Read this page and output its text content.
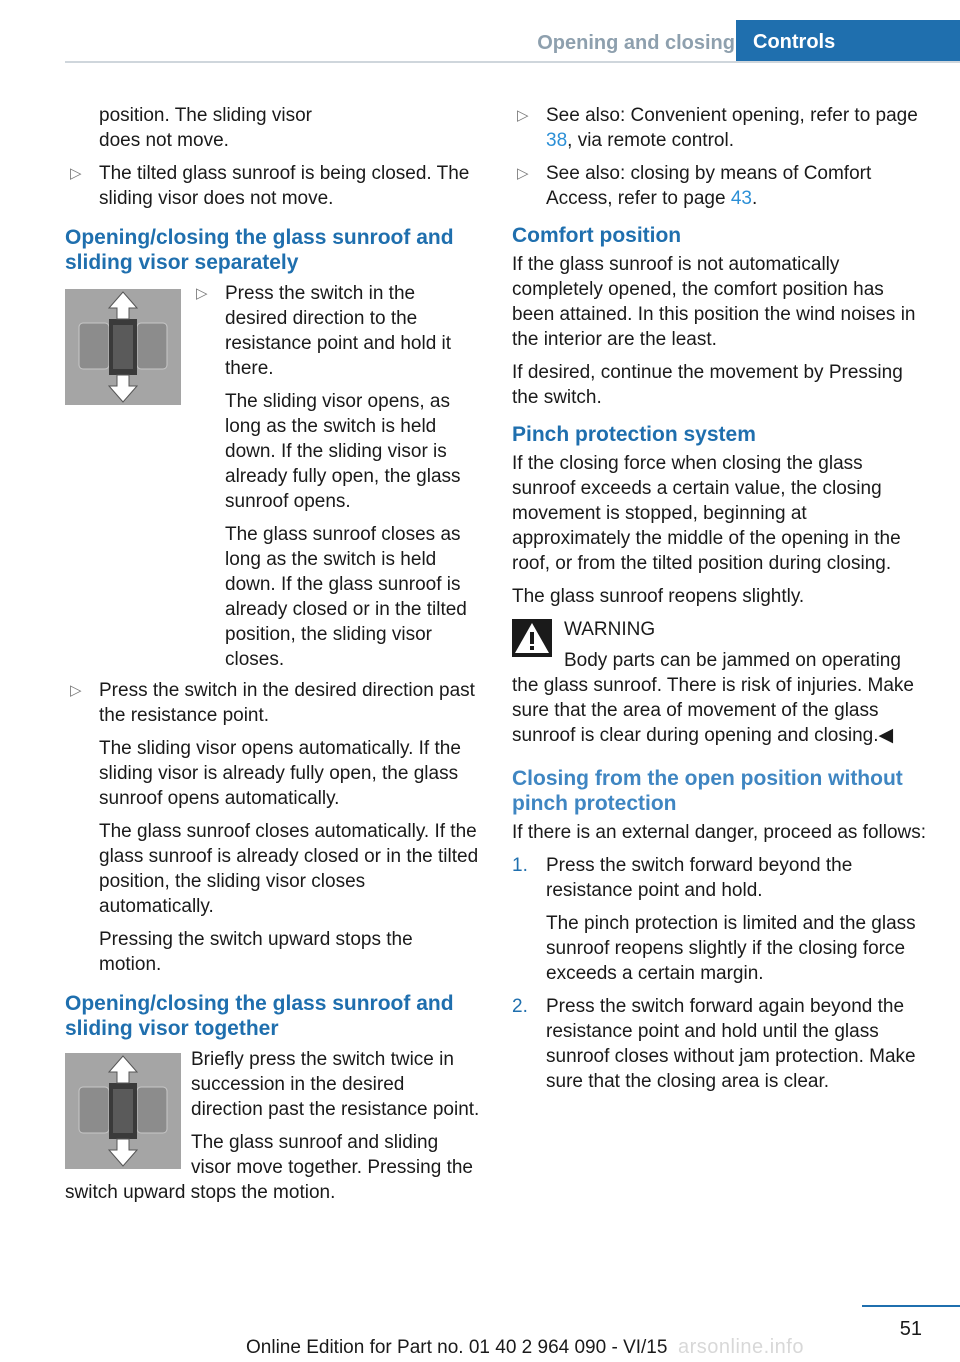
Opening and closing Controls

position. The sliding visor

does not move.

▷ The tilted glass sunroof is being closed. The sliding visor does not move.

Opening/closing the glass sunroof and sliding visor separately
▷ Press the switch in the desired direction to the resistance point and hold it there.

The sliding visor opens, as long as the switch is held down. If the sliding visor is already fully open, the glass sunroof opens.

The glass sunroof closes as long as the switch is held down. If the glass sunroof is already closed or in the tilted position, the sliding visor closes.

▷ Press the switch in the desired direction past the resistance point.

The sliding visor opens automatically. If the sliding visor is already fully open, the glass sunroof opens automatically.

The glass sunroof closes automatically. If the glass sunroof is already closed or in the tilted position, the sliding visor closes automatically.

Pressing the switch upward stops the motion.

Opening/closing the glass sunroof and sliding visor together

Briefly press the switch twice in succession in the desired direction past the resistance point.

The glass sunroof and sliding visor move together. Pressing the switch upward stops the motion.

▷ See also: Convenient opening, refer to page 38, via remote control.

▷ See also: closing by means of Comfort Access, refer to page 43.

Comfort position

If the glass sunroof is not automatically completely opened, the comfort position has been attained. In this position the wind noises in the interior are the least.

If desired, continue the movement by Pressing the switch.

Pinch protection system

If the closing force when closing the glass sunroof exceeds a certain value, the closing movement is stopped, beginning at approximately the middle of the opening in the roof, or from the tilted position during closing.

The glass sunroof reopens slightly.

WARNING

Body parts can be jammed on operating the glass sunroof. There is risk of injuries. Make sure that the area of movement of the glass sunroof is clear during opening and closing.◀

Closing from the open position without pinch protection

If there is an external danger, proceed as follows:

1. Press the switch forward beyond the resistance point and hold.

The pinch protection is limited and the glass sunroof reopens slightly if the closing force exceeds a certain margin.

2. Press the switch forward again beyond the resistance point and hold until the glass sunroof closes without jam protection. Make sure that the closing area is clear.

51
Online Edition for Part no. 01 40 2 964 090 - VI/15 arsonline.info
